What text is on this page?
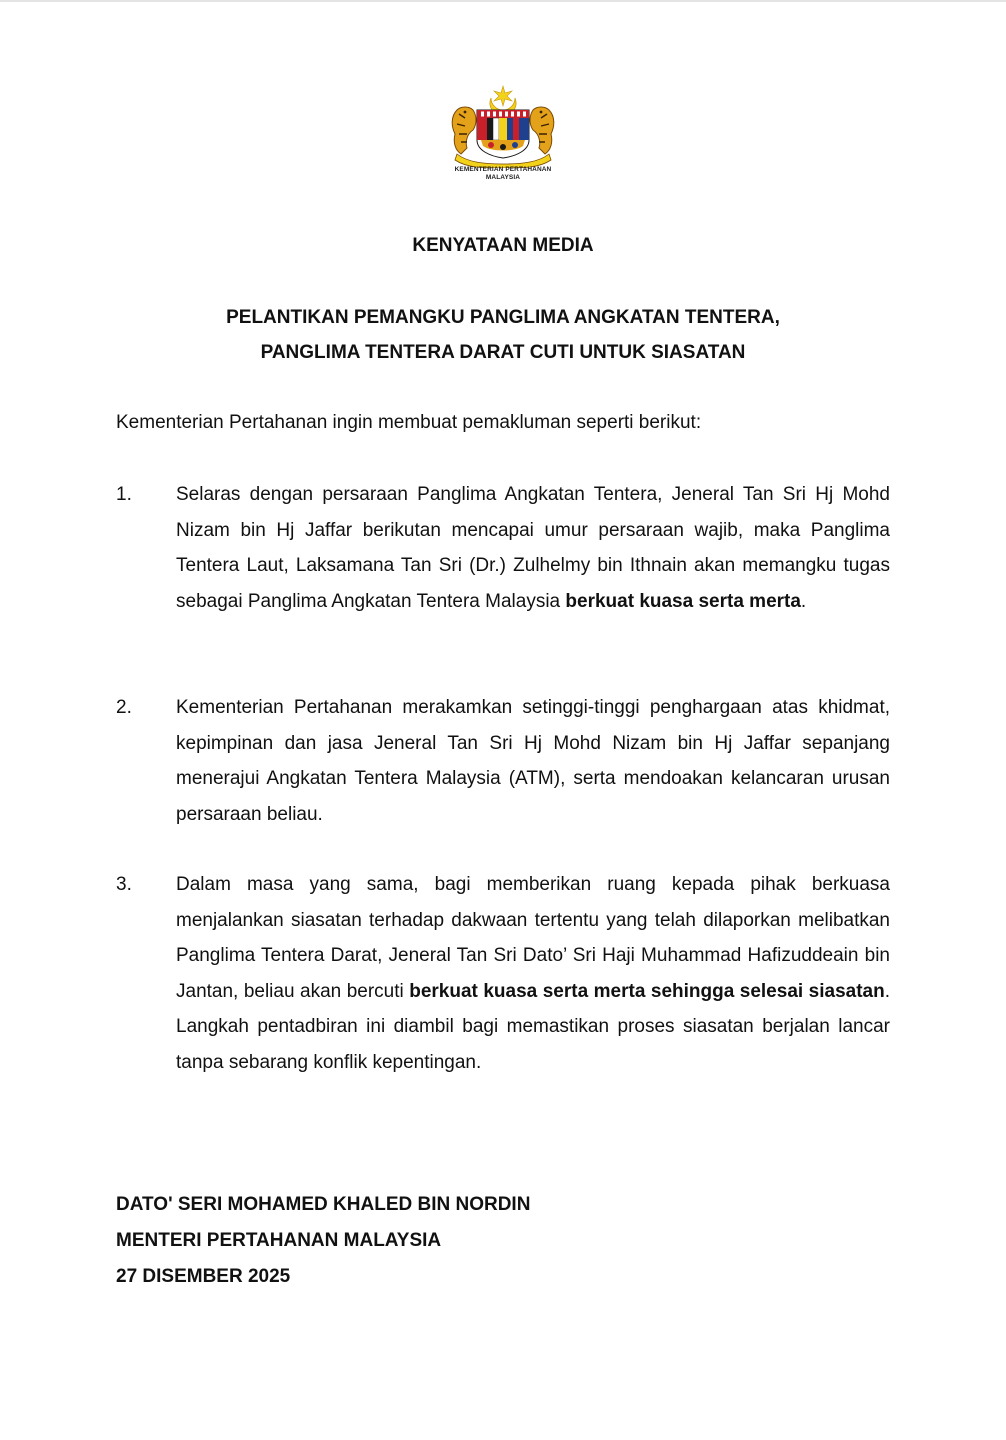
KEMENTERIAN PERTAHANAN
MALAYSIA
KENYATAAN MEDIA
PELANTIKAN PEMANGKU PANGLIMA ANGKATAN TENTERA,
PANGLIMA TENTERA DARAT CUTI UNTUK SIASATAN
Kementerian Pertahanan ingin membuat pemakluman seperti berikut:
1. Selaras dengan persaraan Panglima Angkatan Tentera, Jeneral Tan Sri Hj Mohd Nizam bin Hj Jaffar berikutan mencapai umur persaraan wajib, maka Panglima Tentera Laut, Laksamana Tan Sri (Dr.) Zulhelmy bin Ithnain akan memangku tugas sebagai Panglima Angkatan Tentera Malaysia berkuat kuasa serta merta.
2. Kementerian Pertahanan merakamkan setinggi-tinggi penghargaan atas khidmat, kepimpinan dan jasa Jeneral Tan Sri Hj Mohd Nizam bin Hj Jaffar sepanjang menerajui Angkatan Tentera Malaysia (ATM), serta mendoakan kelancaran urusan persaraan beliau.
3. Dalam masa yang sama, bagi memberikan ruang kepada pihak berkuasa menjalankan siasatan terhadap dakwaan tertentu yang telah dilaporkan melibatkan Panglima Tentera Darat, Jeneral Tan Sri Dato’ Sri Haji Muhammad Hafizuddeain bin Jantan, beliau akan bercuti berkuat kuasa serta merta sehingga selesai siasatan. Langkah pentadbiran ini diambil bagi memastikan proses siasatan berjalan lancar tanpa sebarang konflik kepentingan.
DATO' SERI MOHAMED KHALED BIN NORDIN
MENTERI PERTAHANAN MALAYSIA
27 DISEMBER 2025
